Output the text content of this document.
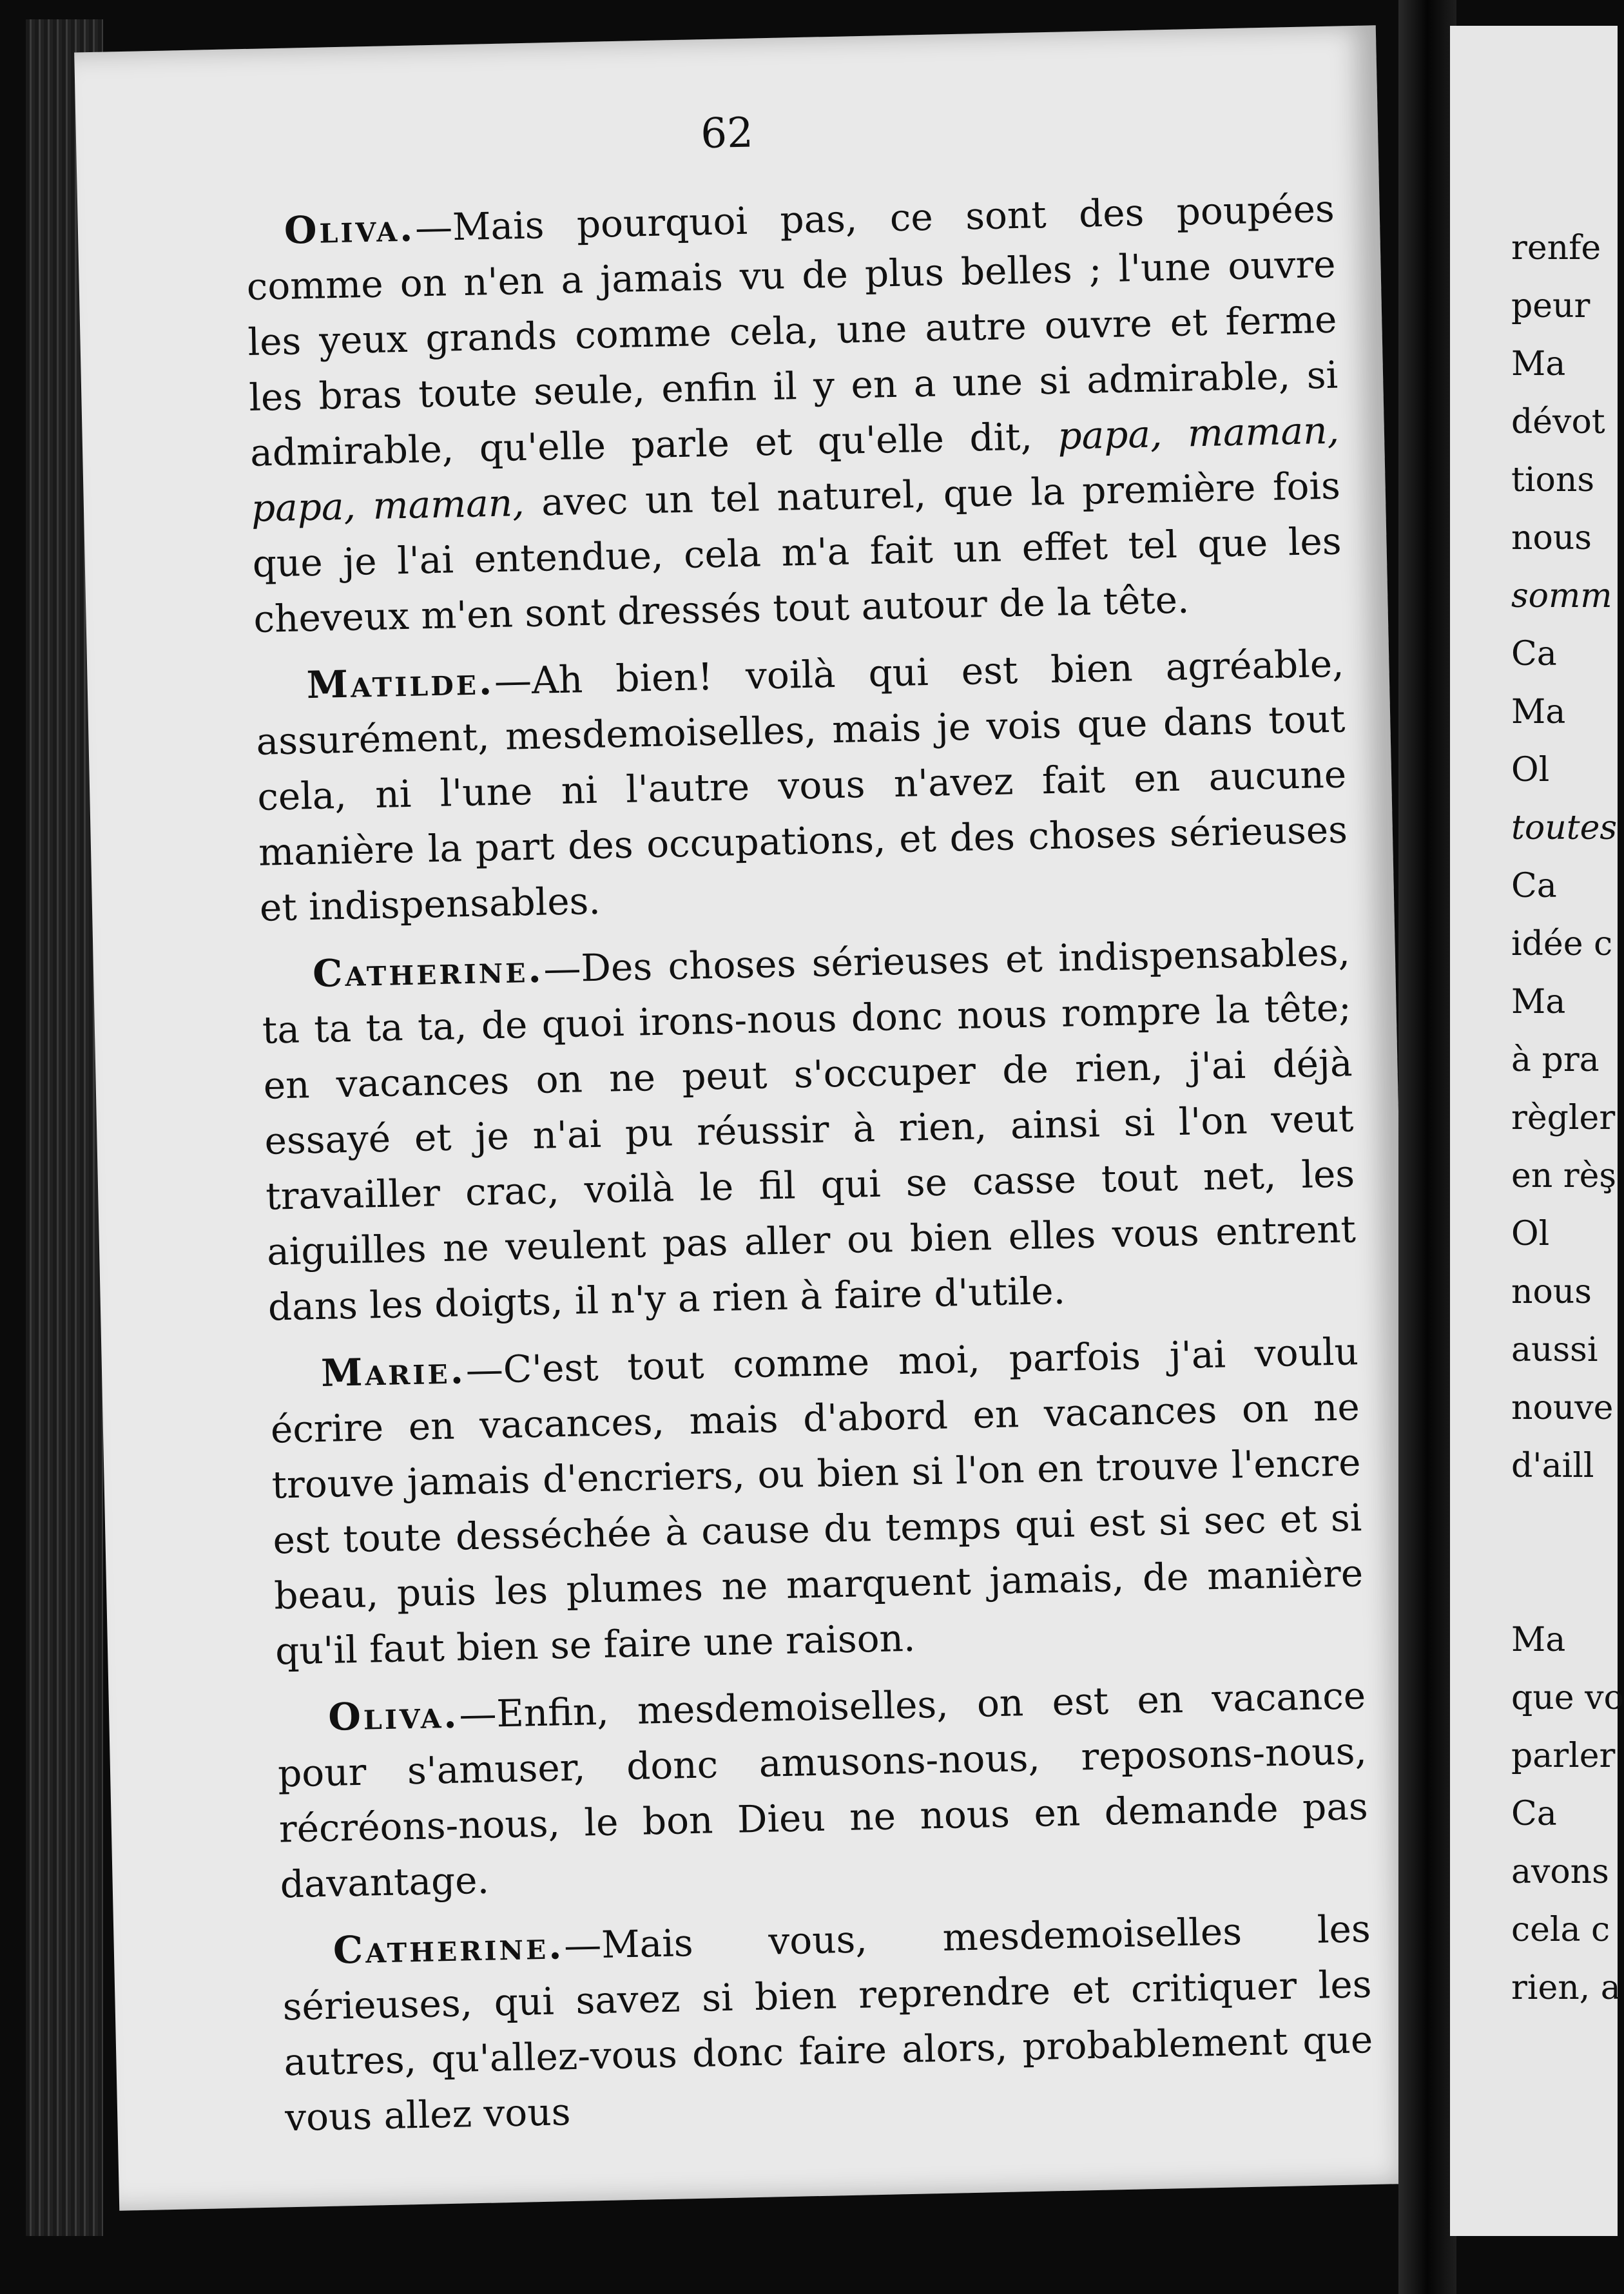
62

Oliva.—Mais pourquoi pas, ce sont des poupées comme on n'en a jamais vu de plus belles ; l'une ouvre les yeux grands comme cela, une autre ouvre et ferme les bras toute seule, enfin il y en a une si admirable, si admirable, qu'elle parle et qu'elle dit, papa, maman, papa, maman, avec un tel naturel, que la première fois que je l'ai entendue, cela m'a fait un effet tel que les cheveux m'en sont dressés tout autour de la tête.

Matilde.—Ah bien! voilà qui est bien agréable, assurément, mesdemoiselles, mais je vois que dans tout cela, ni l'une ni l'autre vous n'avez fait en aucune manière la part des occupations, et des choses sérieuses et indispensables.

Catherine.—Des choses sérieuses et indispensables, ta ta ta ta, de quoi irons-nous donc nous rompre la tête; en vacances on ne peut s'occuper de rien, j'ai déjà essayé et je n'ai pu réussir à rien, ainsi si l'on veut travailler crac, voilà le fil qui se casse tout net, les aiguilles ne veulent pas aller ou bien elles vous entrent dans les doigts, il n'y a rien à faire d'utile.

Marie.—C'est tout comme moi, parfois j'ai voulu écrire en vacances, mais d'abord en vacances on ne trouve jamais d'encriers, ou bien si l'on en trouve l'encre est toute desséchée à cause du temps qui est si sec et si beau, puis les plumes ne marquent jamais, de manière qu'il faut bien se faire une raison.

Oliva.—Enfin, mesdemoiselles, on est en vacance pour s'amuser, donc amusons-nous, reposons-nous, récréons-nous, le bon Dieu ne nous en demande pas davantage.

Catherine.—Mais vous, mesdemoiselles les sérieuses, qui savez si bien reprendre et critiquer les autres, qu'allez-vous donc faire alors, probablement que vous allez vous

renfe
peur
Ma
dévot
tions
nous
somm
Ca
Ma
Ol
toutes
Ca
idée c
Ma
à pra
règler
en rèş
Ol
nous
aussi
nouve
d'aill
Ma
que vo
parler
Ca
avons
cela c
rien, a
